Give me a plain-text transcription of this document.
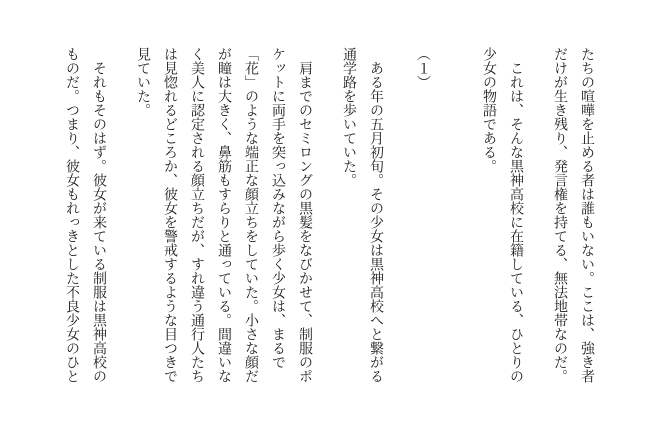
たちの喧嘩を止める者は誰もいない。ここは、強き者だけが生き残り、発言権を持てる、無法地帯なのだ。

これは、そんな黒神高校に在籍している、ひとりの少女の物語である。

（１）

ある年の五月初旬。その少女は黒神高校へと繋がる通学路を歩いていた。

肩までのセミロングの黒髪をなびかせて、制服のポケットに両手を突っ込みながら歩く少女は、まるで「花」のような端正な顔立ちをしていた。小さな顔だが瞳は大きく、鼻筋もすらりと通っている。間違いなく美人に認定される顔立ちだが、すれ違う通行人たちは見惚れるどころか、彼女を警戒するような目つきで見ていた。

それもそのはず。彼女が来ている制服は黒神高校のものだ。つまり、彼女もれっきとした不良少女のひと
